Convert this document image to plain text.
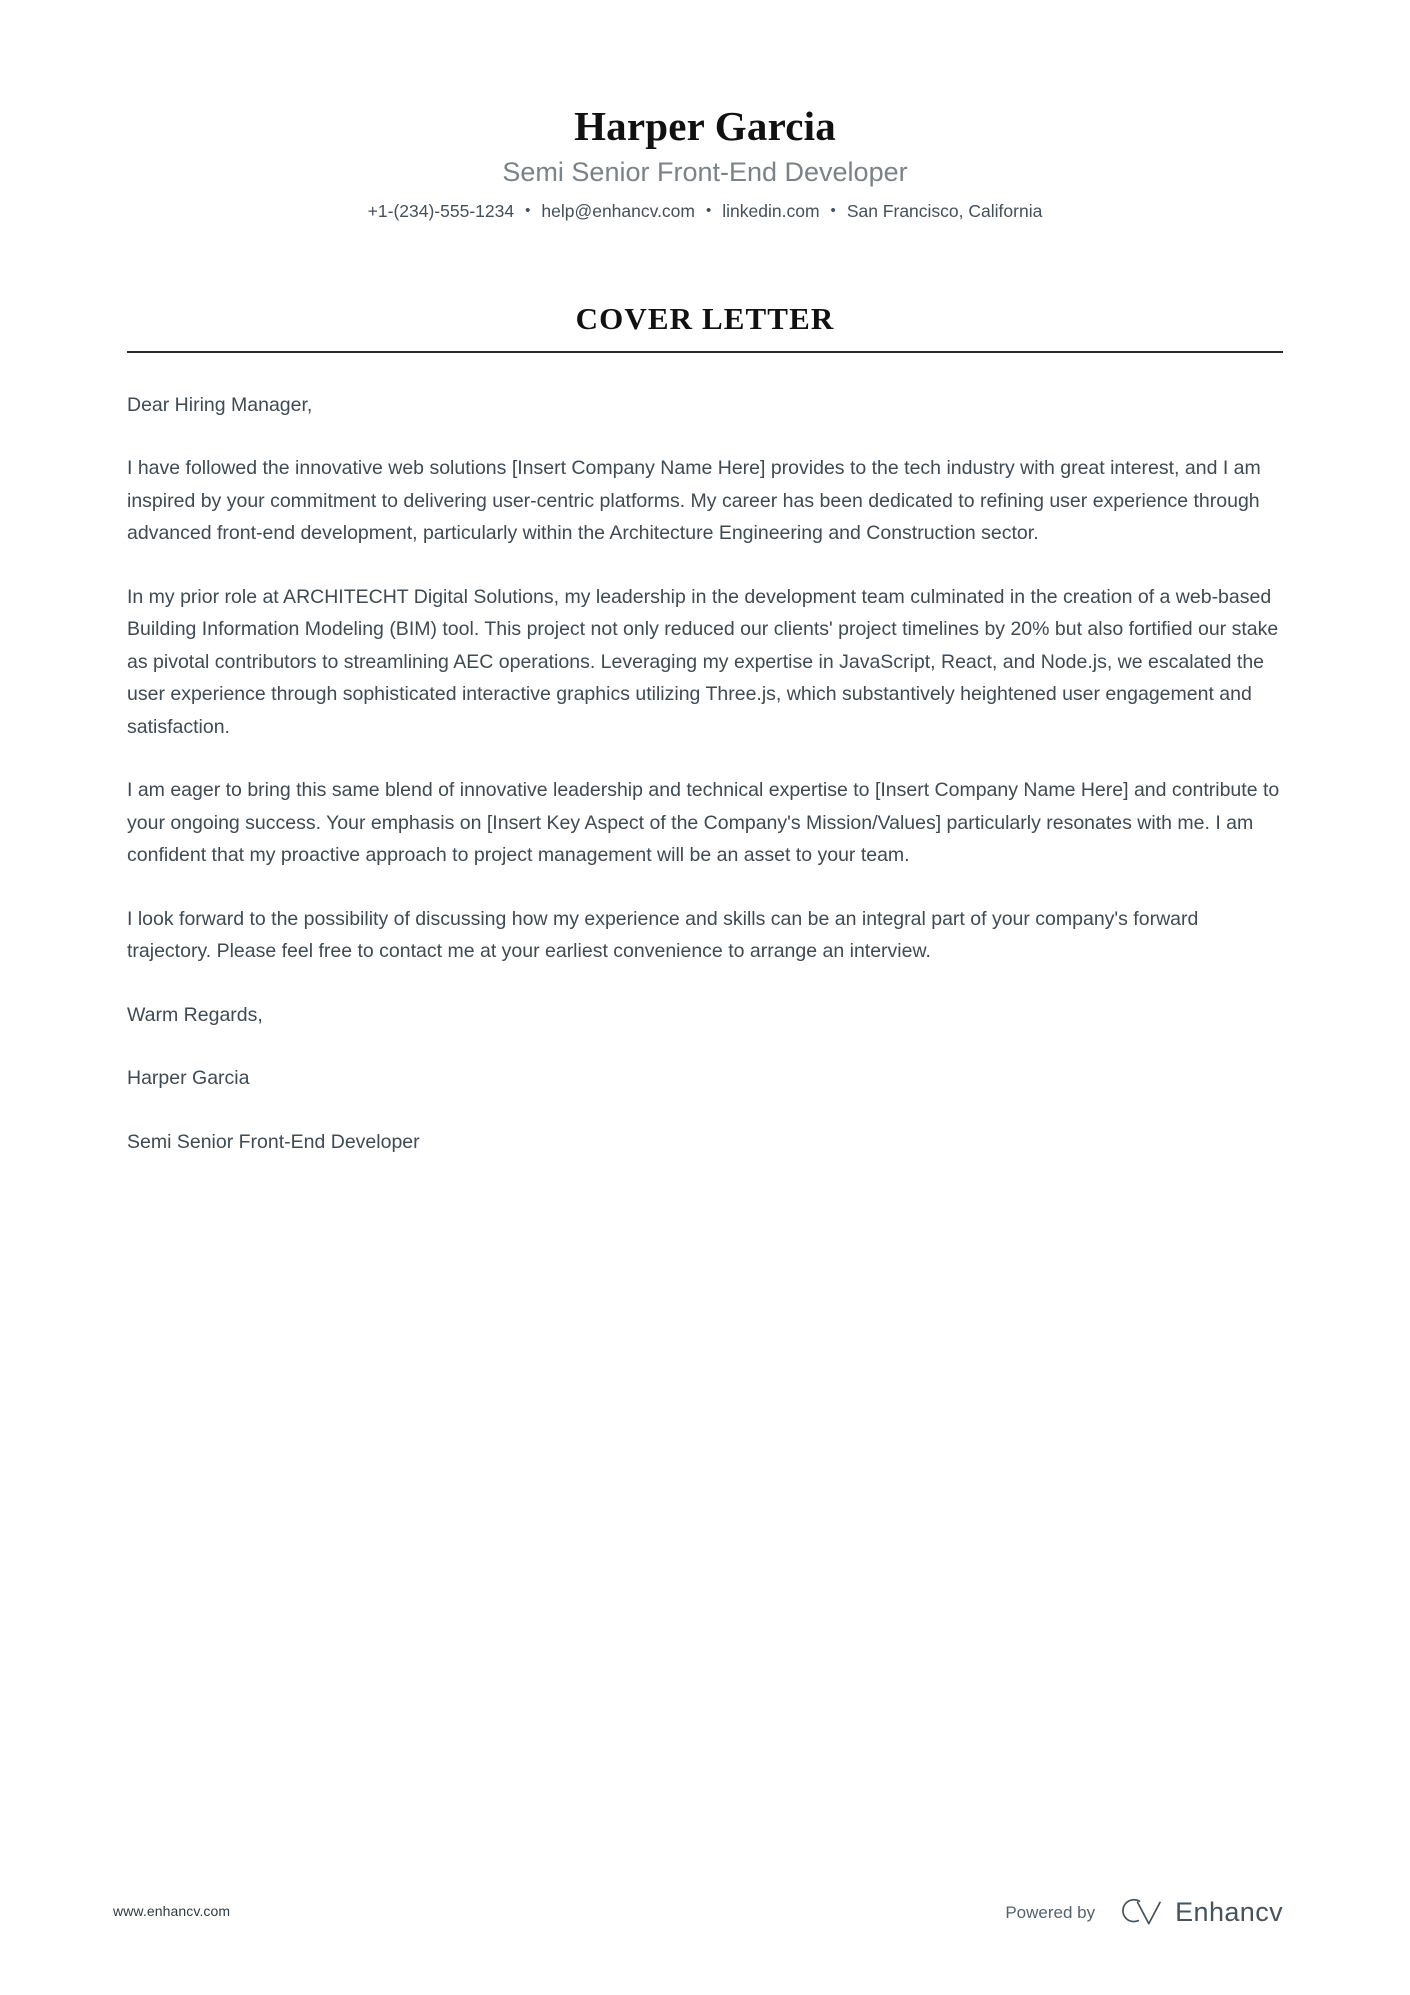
Harper Garcia
Semi Senior Front-End Developer
+1-(234)-555-1234 • help@enhancv.com • linkedin.com • San Francisco, California
COVER LETTER

Dear Hiring Manager,

I have followed the innovative web solutions [Insert Company Name Here] provides to the tech industry with great interest, and I am inspired by your commitment to delivering user-centric platforms. My career has been dedicated to refining user experience through advanced front-end development, particularly within the Architecture Engineering and Construction sector.

In my prior role at ARCHITECHT Digital Solutions, my leadership in the development team culminated in the creation of a web-based Building Information Modeling (BIM) tool. This project not only reduced our clients' project timelines by 20% but also fortified our stake as pivotal contributors to streamlining AEC operations. Leveraging my expertise in JavaScript, React, and Node.js, we escalated the user experience through sophisticated interactive graphics utilizing Three.js, which substantively heightened user engagement and satisfaction.

I am eager to bring this same blend of innovative leadership and technical expertise to [Insert Company Name Here] and contribute to your ongoing success. Your emphasis on [Insert Key Aspect of the Company's Mission/Values] particularly resonates with me. I am confident that my proactive approach to project management will be an asset to your team.

I look forward to the possibility of discussing how my experience and skills can be an integral part of your company's forward trajectory. Please feel free to contact me at your earliest convenience to arrange an interview.

Warm Regards,

Harper Garcia

Semi Senior Front-End Developer

www.enhancv.com	Powered by	Enhancv
